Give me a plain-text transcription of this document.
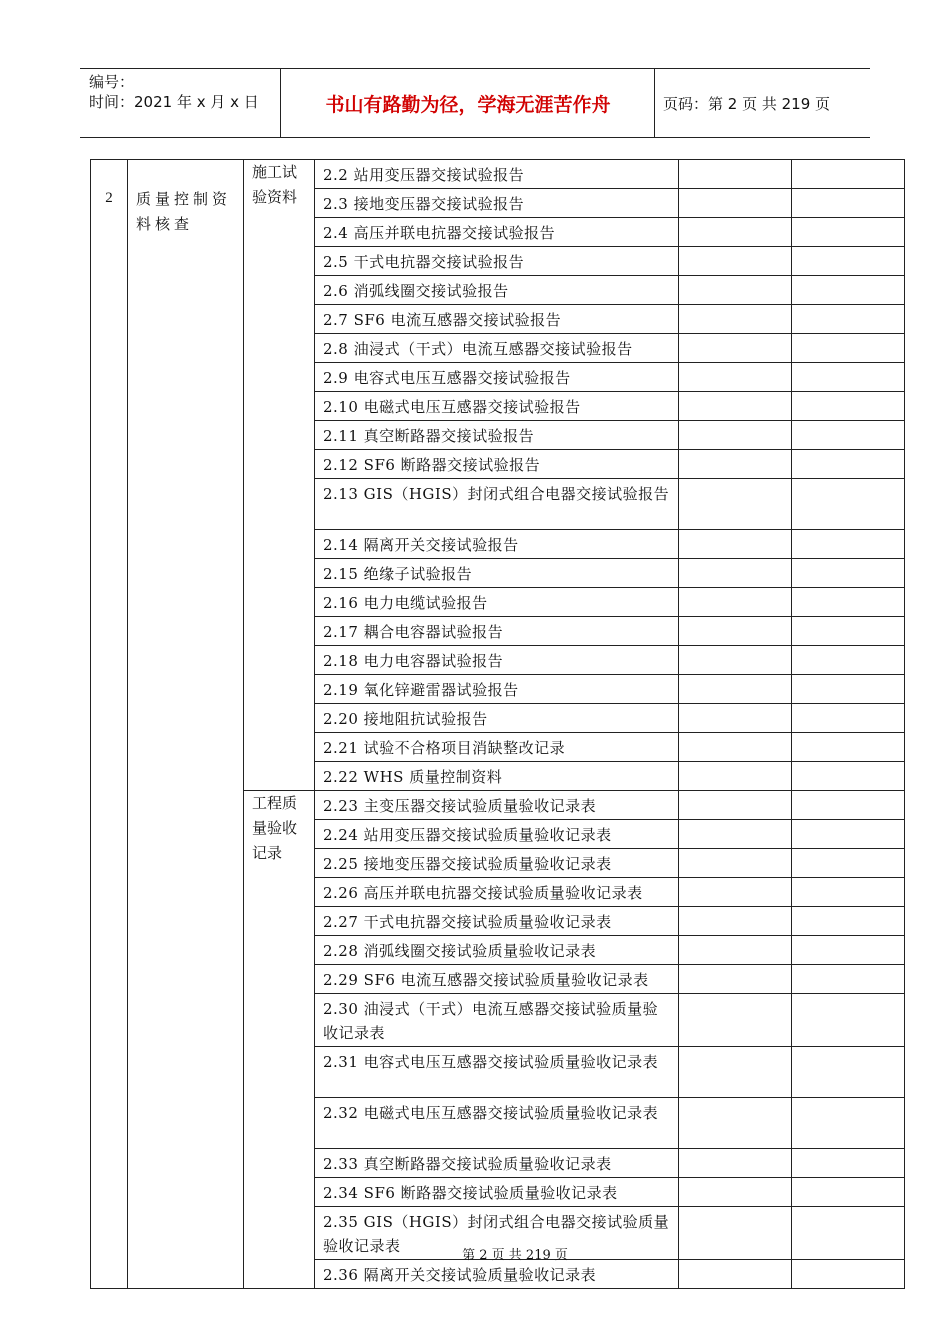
编号：
时间：2021 年 x 月 x 日	书山有路勤为径，学海无涯苦作舟	页码：第 2 页 共 219 页
2	质量控制资料核查	施工试验资料	2.2 站用变压器交接试验报告		
			2.3 接地变压器交接试验报告		
			2.4 高压并联电抗器交接试验报告		
			2.5 干式电抗器交接试验报告		
			2.6 消弧线圈交接试验报告		
			2.7 SF6 电流互感器交接试验报告		
			2.8 油浸式（干式）电流互感器交接试验报告		
			2.9 电容式电压互感器交接试验报告		
			2.10 电磁式电压互感器交接试验报告		
			2.11 真空断路器交接试验报告		
			2.12 SF6 断路器交接试验报告		
			2.13 GIS（HGIS）封闭式组合电器交接试验报告		
			2.14 隔离开关交接试验报告		
			2.15 绝缘子试验报告		
			2.16 电力电缆试验报告		
			2.17 耦合电容器试验报告		
			2.18 电力电容器试验报告		
			2.19 氧化锌避雷器试验报告		
			2.20 接地阻抗试验报告		
			2.21 试验不合格项目消缺整改记录		
			2.22 WHS 质量控制资料		
		工程质量验收记录	2.23 主变压器交接试验质量验收记录表		
			2.24 站用变压器交接试验质量验收记录表		
			2.25 接地变压器交接试验质量验收记录表		
			2.26 高压并联电抗器交接试验质量验收记录表		
			2.27 干式电抗器交接试验质量验收记录表		
			2.28 消弧线圈交接试验质量验收记录表		
			2.29 SF6 电流互感器交接试验质量验收记录表		
			2.30 油浸式（干式）电流互感器交接试验质量验收记录表		
			2.31 电容式电压互感器交接试验质量验收记录表		
			2.32 电磁式电压互感器交接试验质量验收记录表		
			2.33 真空断路器交接试验质量验收记录表		
			2.34 SF6 断路器交接试验质量验收记录表		
			2.35 GIS（HGIS）封闭式组合电器交接试验质量验收记录表		
			2.36 隔离开关交接试验质量验收记录表		
第 2 页 共 219 页
